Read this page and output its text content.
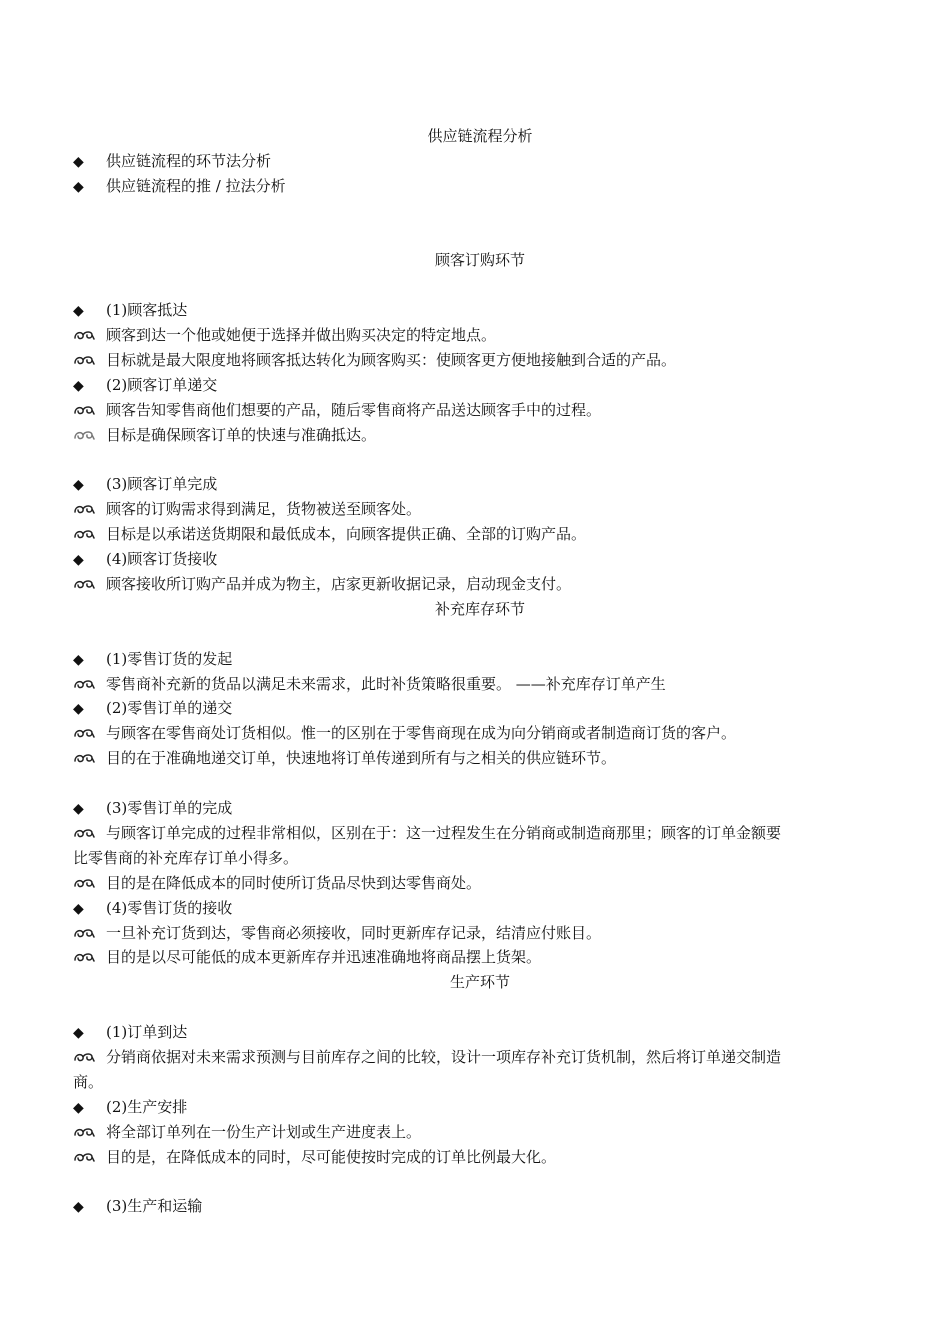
供应链流程分析
◆ 供应链流程的环节法分析
◆ 供应链流程的推 / 拉法分析
顾客订购环节
◆ (1)顾客抵达
顾客到达一个他或她便于选择并做出购买决定的特定地点。
目标就是最大限度地将顾客抵达转化为顾客购买：使顾客更方便地接触到合适的产品。
◆ (2)顾客订单递交
顾客告知零售商他们想要的产品，随后零售商将产品送达顾客手中的过程。
目标是确保顾客订单的快速与准确抵达。
◆ (3)顾客订单完成
顾客的订购需求得到满足，货物被送至顾客处。
目标是以承诺送货期限和最低成本，向顾客提供正确、全部的订购产品。
◆ (4)顾客订货接收
顾客接收所订购产品并成为物主，店家更新收据记录，启动现金支付。
补充库存环节
◆ (1)零售订货的发起
零售商补充新的货品以满足未来需求，此时补货策略很重要。 ——补充库存订单产生
◆ (2)零售订单的递交
与顾客在零售商处订货相似。惟一的区别在于零售商现在成为向分销商或者制造商订货的客户。
目的在于准确地递交订单，快速地将订单传递到所有与之相关的供应链环节。
◆ (3)零售订单的完成
与顾客订单完成的过程非常相似，区别在于：这一过程发生在分销商或制造商那里；顾客的订单金额要
比零售商的补充库存订单小得多。
目的是在降低成本的同时使所订货品尽快到达零售商处。
◆ (4)零售订货的接收
一旦补充订货到达，零售商必须接收，同时更新库存记录，结清应付账目。
目的是以尽可能低的成本更新库存并迅速准确地将商品摆上货架。
生产环节
◆ (1)订单到达
分销商依据对未来需求预测与目前库存之间的比较，设计一项库存补充订货机制，然后将订单递交制造
商。
◆ (2)生产安排
将全部订单列在一份生产计划或生产进度表上。
目的是，在降低成本的同时，尽可能使按时完成的订单比例最大化。
◆ (3)生产和运输
